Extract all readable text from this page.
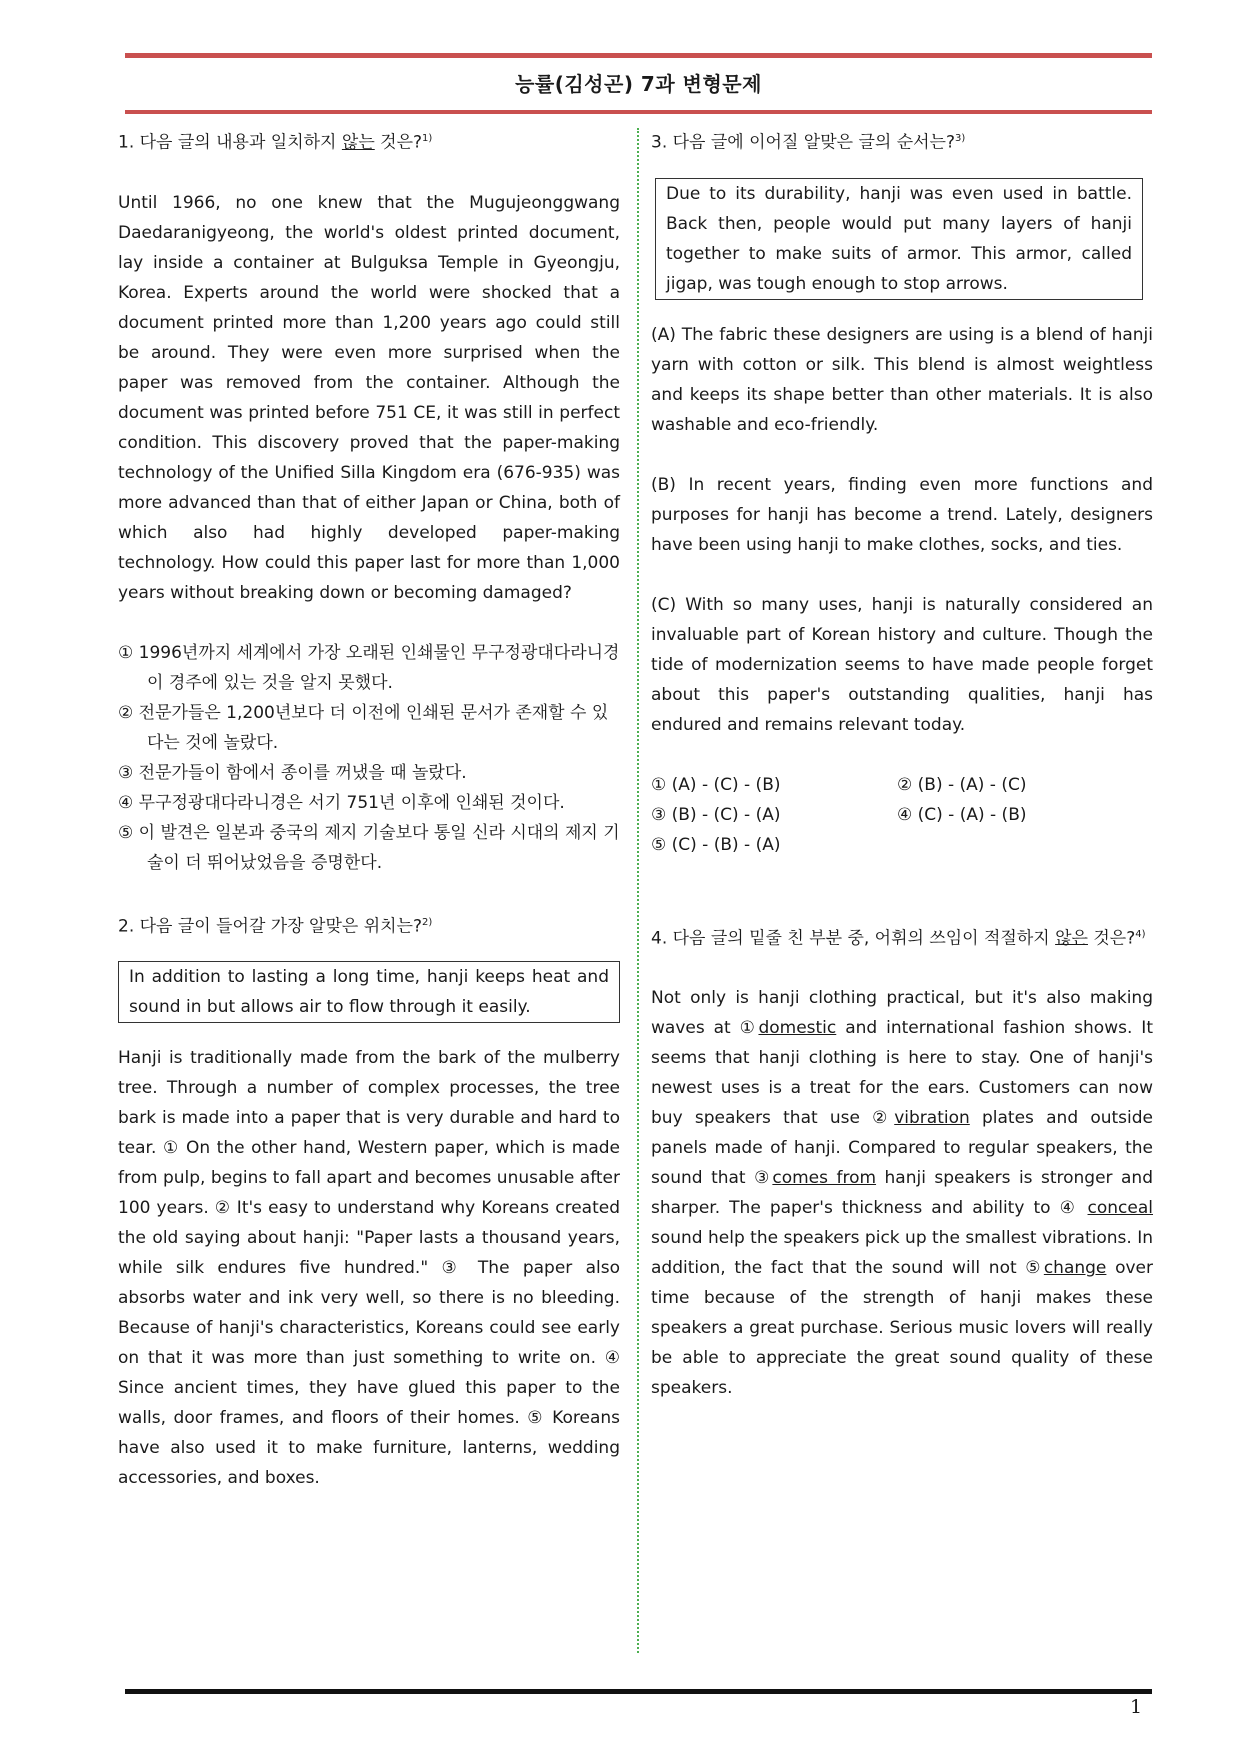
능률(김성곤) 7과 변형문제

1. 다음 글의 내용과 일치하지 않는 것은?$^{1)}$

Until 1966, no one knew that the Mugujeonggwang Daedaranigyeong, the world's oldest printed document, lay inside a container at Bulguksa Temple in Gyeongju, Korea. Experts around the world were shocked that a document printed more than 1,200 years ago could still be around. They were even more surprised when the paper was removed from the container. Although the document was printed before 751 CE, it was still in perfect condition. This discovery proved that the paper-making technology of the Unified Silla Kingdom era (676-935) was more advanced than that of either Japan or China, both of which also had highly developed paper-making technology. How could this paper last for more than 1,000 years without breaking down or becoming damaged?

① 1996년까지 세계에서 가장 오래된 인쇄물인 무구정광대다라니경이 경주에 있는 것을 알지 못했다.
② 전문가들은 1,200년보다 더 이전에 인쇄된 문서가 존재할 수 있다는 것에 놀랐다.
③ 전문가들이 함에서 종이를 꺼냈을 때 놀랐다.
④ 무구정광대다라니경은 서기 751년 이후에 인쇄된 것이다.
⑤ 이 발견은 일본과 중국의 제지 기술보다 통일 신라 시대의 제지 기술이 더 뛰어났었음을 증명한다.

2. 다음 글이 들어갈 가장 알맞은 위치는?$^{2)}$

In addition to lasting a long time, hanji keeps heat and sound in but allows air to flow through it easily.

Hanji is traditionally made from the bark of the mulberry tree. Through a number of complex processes, the tree bark is made into a paper that is very durable and hard to tear. ① On the other hand, Western paper, which is made from pulp, begins to fall apart and becomes unusable after 100 years. ② It's easy to understand why Koreans created the old saying about hanji: "Paper lasts a thousand years, while silk endures five hundred." ③ The paper also absorbs water and ink very well, so there is no bleeding. Because of hanji's characteristics, Koreans could see early on that it was more than just something to write on. ④ Since ancient times, they have glued this paper to the walls, door frames, and floors of their homes. ⑤ Koreans have also used it to make furniture, lanterns, wedding accessories, and boxes.

3. 다음 글에 이어질 알맞은 글의 순서는?$^{3)}$

Due to its durability, hanji was even used in battle. Back then, people would put many layers of hanji together to make suits of armor. This armor, called jigap, was tough enough to stop arrows.

(A) The fabric these designers are using is a blend of hanji yarn with cotton or silk. This blend is almost weightless and keeps its shape better than other materials. It is also washable and eco-friendly.

(B) In recent years, finding even more functions and purposes for hanji has become a trend. Lately, designers have been using hanji to make clothes, socks, and ties.

(C) With so many uses, hanji is naturally considered an invaluable part of Korean history and culture. Though the tide of modernization seems to have made people forget about this paper's outstanding qualities, hanji has endured and remains relevant today.

① (A) - (C) - (B)	② (B) - (A) - (C)
③ (B) - (C) - (A)	④ (C) - (A) - (B)
⑤ (C) - (B) - (A)

4. 다음 글의 밑줄 친 부분 중, 어휘의 쓰임이 적절하지 않은 것은?$^{4)}$

Not only is hanji clothing practical, but it's also making waves at ①domestic and international fashion shows. It seems that hanji clothing is here to stay. One of hanji's newest uses is a treat for the ears. Customers can now buy speakers that use ②vibration plates and outside panels made of hanji. Compared to regular speakers, the sound that ③comes from hanji speakers is stronger and sharper. The paper's thickness and ability to ④ conceal sound help the speakers pick up the smallest vibrations. In addition, the fact that the sound will not ⑤change over time because of the strength of hanji makes these speakers a great purchase. Serious music lovers will really be able to appreciate the great sound quality of these speakers.

1
